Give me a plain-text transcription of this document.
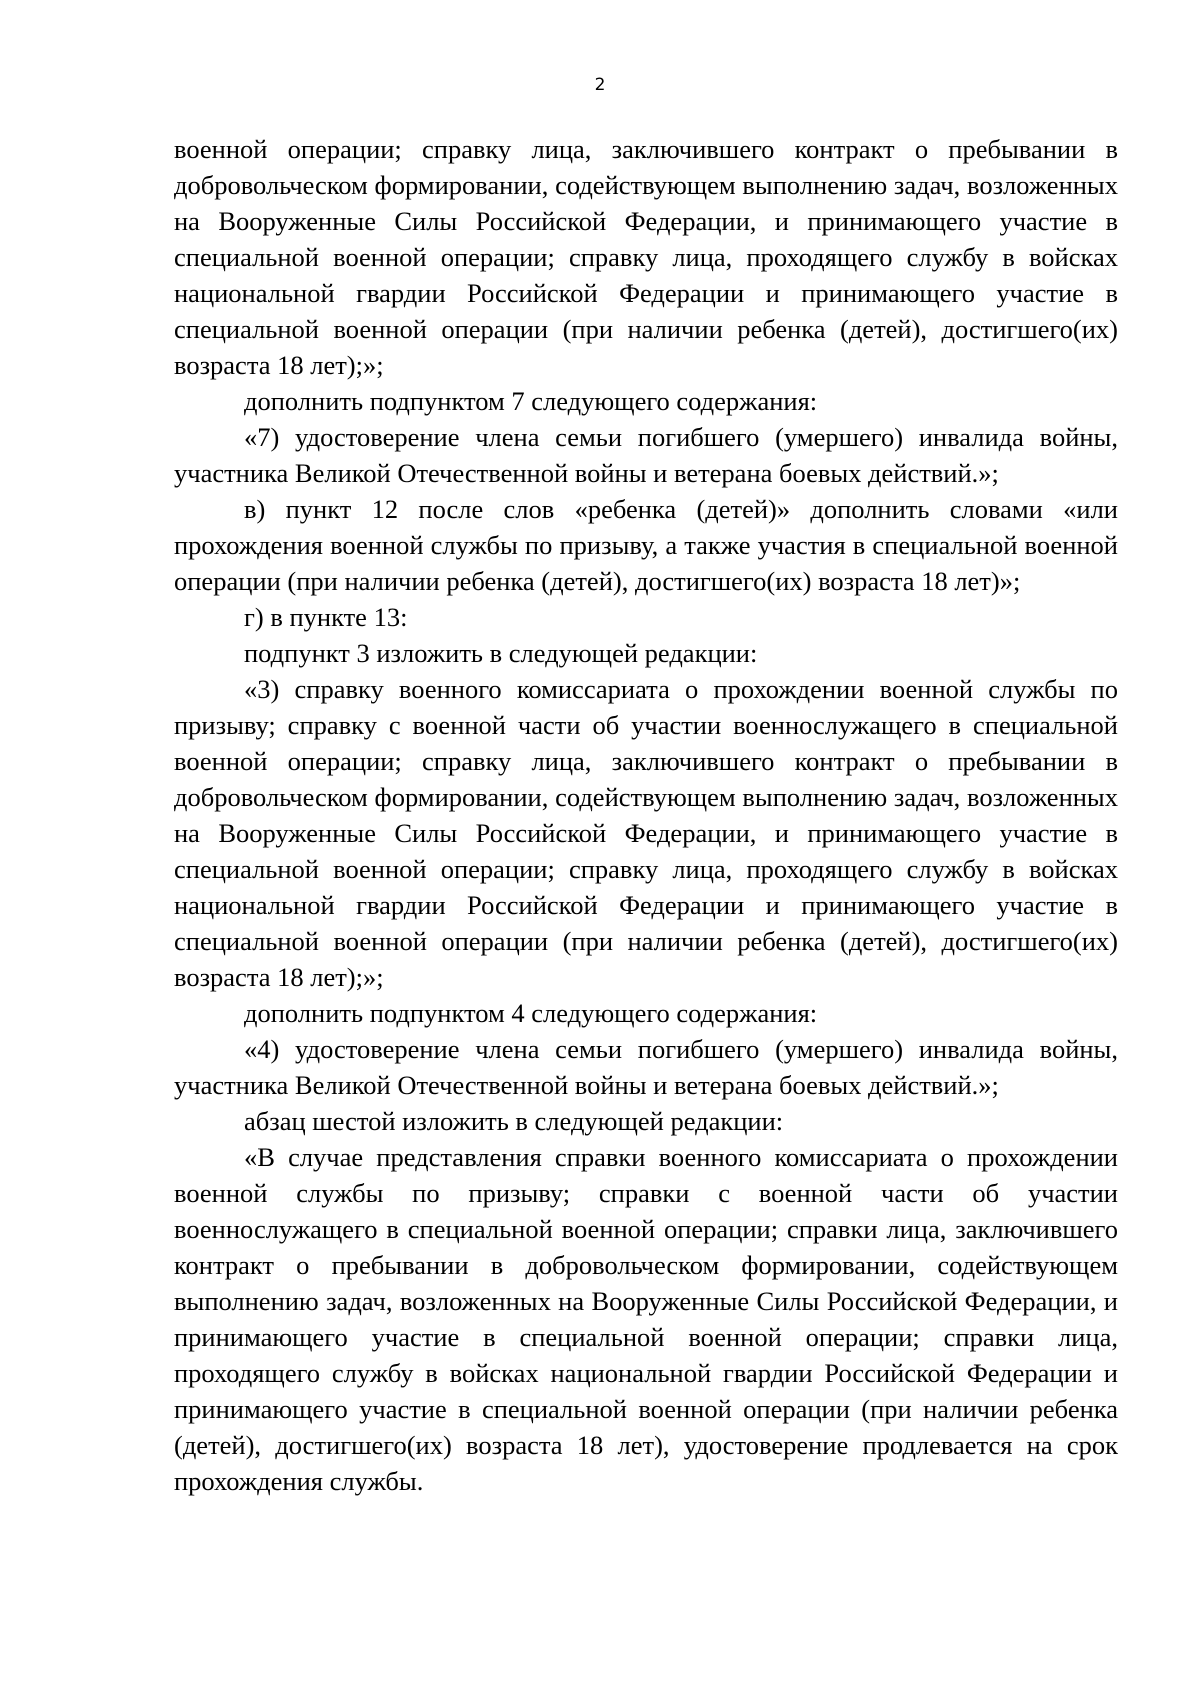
2

военной операции; справку лица, заключившего контракт о пребывании в добровольческом формировании, содействующем выполнению задач, возложенных на Вооруженные Силы Российской Федерации, и принимающего участие в специальной военной операции; справку лица, проходящего службу в войсках национальной гвардии Российской Федерации и принимающего участие в специальной военной операции (при наличии ребенка (детей), достигшего(их) возраста 18 лет);»;

дополнить подпунктом 7 следующего содержания:

«7) удостоверение члена семьи погибшего (умершего) инвалида войны, участника Великой Отечественной войны и ветерана боевых действий.»;

в) пункт 12 после слов «ребенка (детей)» дополнить словами «или прохождения военной службы по призыву, а также участия в специальной военной операции (при наличии ребенка (детей), достигшего(их) возраста 18 лет)»;

г) в пункте 13:

подпункт 3 изложить в следующей редакции:

«3) справку военного комиссариата о прохождении военной службы по призыву; справку с военной части об участии военнослужащего в специальной военной операции; справку лица, заключившего контракт о пребывании в добровольческом формировании, содействующем выполнению задач, возложенных на Вооруженные Силы Российской Федерации, и принимающего участие в специальной военной операции; справку лица, проходящего службу в войсках национальной гвардии Российской Федерации и принимающего участие в специальной военной операции (при наличии ребенка (детей), достигшего(их) возраста 18 лет);»;

дополнить подпунктом 4 следующего содержания:

«4) удостоверение члена семьи погибшего (умершего) инвалида войны, участника Великой Отечественной войны и ветерана боевых действий.»;

абзац шестой изложить в следующей редакции:

«В случае представления справки военного комиссариата о прохождении военной службы по призыву; справки с военной части об участии военнослужащего в специальной военной операции; справки лица, заключившего контракт о пребывании в добровольческом формировании, содействующем выполнению задач, возложенных на Вооруженные Силы Российской Федерации, и принимающего участие в специальной военной операции; справки лица, проходящего службу в войсках национальной гвардии Российской Федерации и принимающего участие в специальной военной операции (при наличии ребенка (детей), достигшего(их) возраста 18 лет), удостоверение продлевается на срок прохождения службы.
